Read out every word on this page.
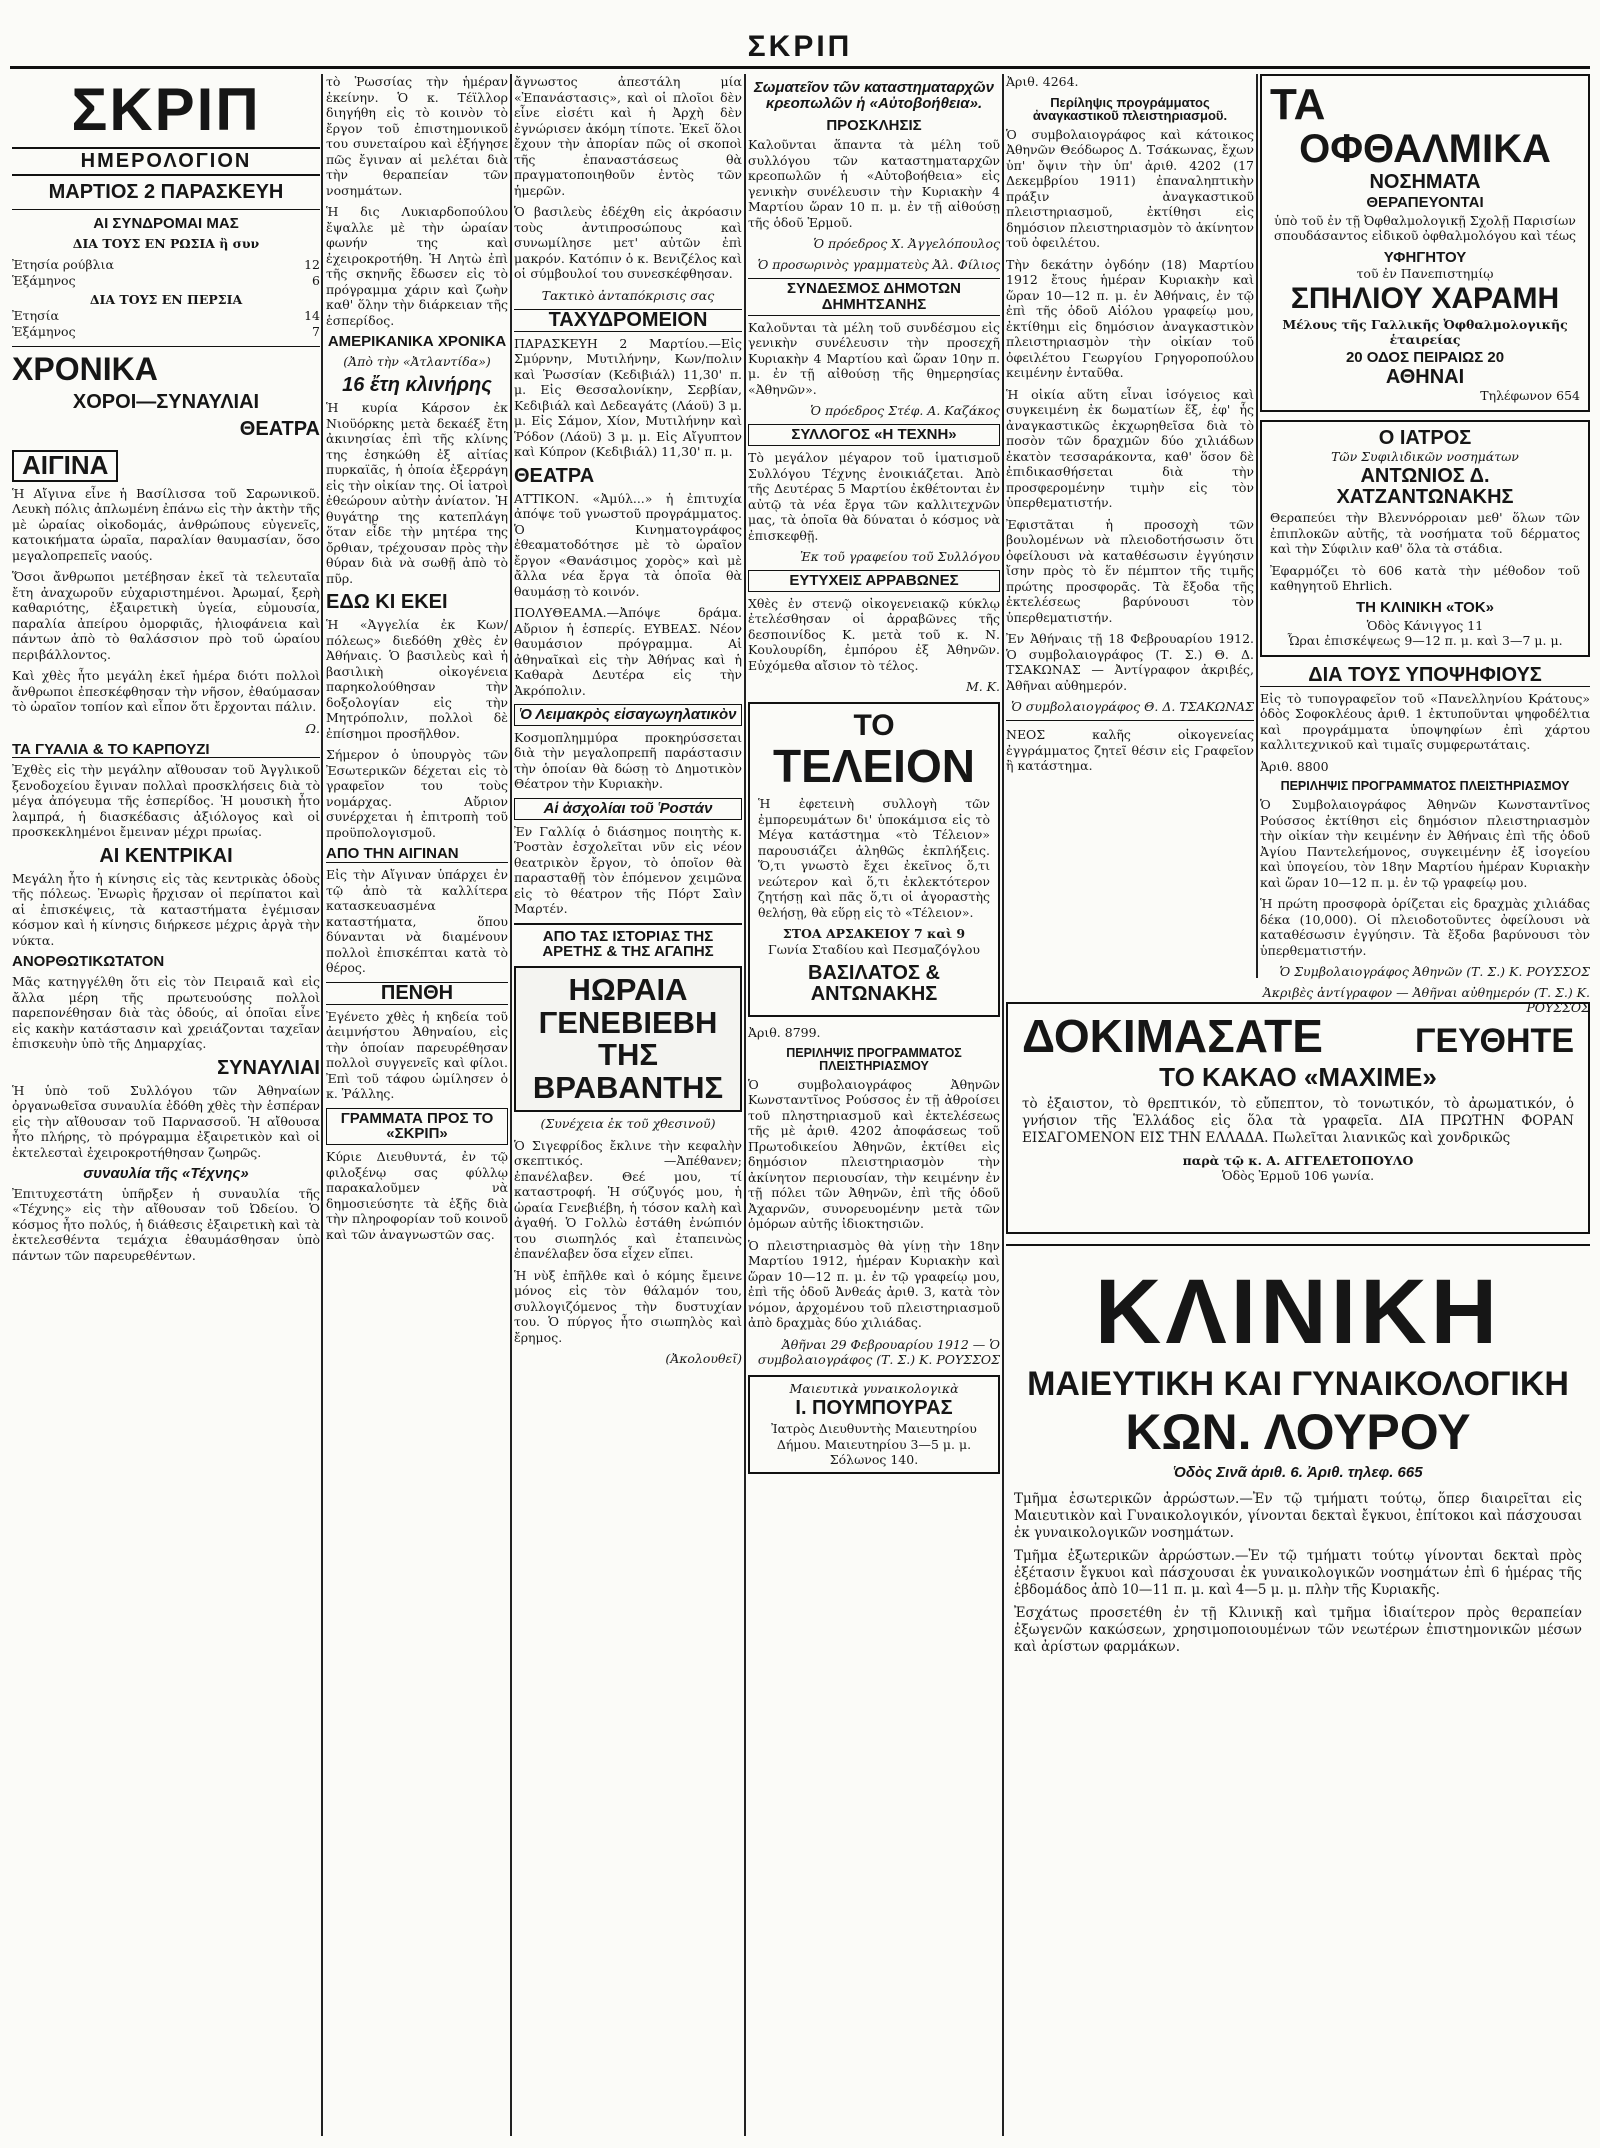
ΣΚΡΙΠ
ΣΚΡΙΠ
ΗΜΕΡΟΛΟΓΙΟΝ
ΜΑΡΤΙΟΣ 2 ΠΑΡΑΣΚΕΥΗ
ΑΙ ΣΥΝΔΡΟΜΑΙ ΜΑΣ
ΔΙΑ ΤΟΥΣ ΕΝ ΡΩΣΙΑ ἢ συν
Ἐτησία ρούβλια	12
Ἑξάμηνος	6
ΔΙΑ ΤΟΥΣ ΕΝ ΠΕΡΣΙΑ
Ἐτησία	14
Ἑξάμηνος	7
ΧΡΟΝΙΚΑ
ΧΟΡΟΙ—ΣΥΝΑΥΛΙΑΙ
ΘΕΑΤΡΑ
ΑΙΓΙΝΑ

Ἡ Αἴγινα εἶνε ἡ Βασίλισσα τοῦ Σαρωνικοῦ. Λευκὴ πόλις ἀπλωμένη ἐπάνω εἰς τὴν ἀκτὴν τῆς μὲ ὡραίας οἰκοδομάς, ἀνθρώπους εὐγενεῖς, κατοικήματα ὡραῖα, παραλίαν θαυμασίαν, ὅσο μεγαλοπρεπεῖς ναούς.

Ὅσοι ἄνθρωποι μετέβησαν ἐκεῖ τὰ τελευταῖα ἔτη ἀναχωροῦν εὐχαριστημένοι. Ἀρωμαί, ξερὴ καθαριότης, ἐξαιρετικὴ ὑγεία, εὐμουσία, παραλία ἀπείρου ὀμορφιᾶς, ἡλιοφάνεια καὶ πάντων ἀπὸ τὸ θαλάσσιον πρὸ τοῦ ὡραίου περιβάλλοντος.

Καὶ χθὲς ἦτο μεγάλη ἐκεῖ ἡμέρα διότι πολλοὶ ἄνθρωποι ἐπεσκέφθησαν τὴν νῆσον, ἐθαύμασαν τὸ ὡραῖον τοπίον καὶ εἶπον ὅτι ἔρχονται πάλιν.

Ω.
ΤΑ ΓΥΑΛΙΑ & ΤΟ ΚΑΡΠΟΥΖΙ

Ἐχθὲς εἰς τὴν μεγάλην αἴθουσαν τοῦ Ἀγγλικοῦ ξενοδοχείου ἔγιναν πολλαὶ προσκλήσεις διὰ τὸ μέγα ἀπόγευμα τῆς ἑσπερίδος. Ἡ μουσικὴ ἦτο λαμπρά, ἡ διασκέδασις ἀξιόλογος καὶ οἱ προσκεκλημένοι ἔμειναν μέχρι πρωίας.

ΑΙ ΚΕΝΤΡΙΚΑΙ

Μεγάλη ἦτο ἡ κίνησις εἰς τὰς κεντρικὰς ὁδοὺς τῆς πόλεως. Ἐνωρὶς ἤρχισαν οἱ περίπατοι καὶ αἱ ἐπισκέψεις, τὰ καταστήματα ἐγέμισαν κόσμον καὶ ἡ κίνησις διήρκεσε μέχρις ἀργὰ τὴν νύκτα.

ΑΝΟΡΘΩΤΙΚΩΤΑΤΟΝ

Μᾶς κατηγγέλθη ὅτι εἰς τὸν Πειραιᾶ καὶ εἰς ἄλλα μέρη τῆς πρωτευούσης πολλοὶ παρεπονέθησαν διὰ τὰς ὁδούς, αἱ ὁποῖαι εἶνε εἰς κακὴν κατάστασιν καὶ χρειάζονται ταχεῖαν ἐπισκευὴν ὑπὸ τῆς Δημαρχίας.

ΣΥΝΑΥΛΙΑΙ

Ἡ ὑπὸ τοῦ Συλλόγου τῶν Ἀθηναίων ὀργανωθεῖσα συναυλία ἐδόθη χθὲς τὴν ἑσπέραν εἰς τὴν αἴθουσαν τοῦ Παρνασσοῦ. Ἡ αἴθουσα ἦτο πλήρης, τὸ πρόγραμμα ἐξαιρετικὸν καὶ οἱ ἐκτελεσταὶ ἐχειροκροτήθησαν ζωηρῶς.

συναυλία τῆς «Τέχνης»

Ἐπιτυχεστάτη ὑπῆρξεν ἡ συναυλία τῆς «Τέχνης» εἰς τὴν αἴθουσαν τοῦ Ὠδείου. Ὁ κόσμος ἦτο πολύς, ἡ διάθεσις ἐξαιρετικὴ καὶ τὰ ἐκτελεσθέντα τεμάχια ἐθαυμάσθησαν ὑπὸ πάντων τῶν παρευρεθέντων.

τὸ Ῥωσσίας τὴν ἡμέραν ἐκείνην. Ὁ κ. Τέϊλλορ διηγήθη εἰς τὸ κοινὸν τὸ ἔργον τοῦ ἐπιστημονικοῦ του συνεταίρου καὶ ἐξήγησε πῶς ἔγιναν αἱ μελέται διὰ τὴν θεραπείαν τῶν νοσημάτων.

Ἡ δις Λυκιαρδοπούλου ἔψαλλε μὲ τὴν ὡραίαν φωνήν της καὶ ἐχειροκροτήθη. Ἡ Λητὼ ἐπὶ τῆς σκηνῆς ἔδωσεν εἰς τὸ πρόγραμμα χάριν καὶ ζωὴν καθ' ὅλην τὴν διάρκειαν τῆς ἑσπερίδος.

ΑΜΕΡΙΚΑΝΙΚΑ ΧΡΟΝΙΚΑ
(Ἀπὸ τὴν «Ἀτλαντίδα»)
16 ἔτη κλινήρης

Ἡ κυρία Κάρσον ἐκ Νιοϋόρκης μετὰ δεκαέξ ἔτη ἀκινησίας ἐπὶ τῆς κλίνης της ἐσηκώθη ἐξ αἰτίας πυρκαϊᾶς, ἡ ὁποία ἐξερράγη εἰς τὴν οἰκίαν της. Οἱ ἰατροὶ ἐθεώρουν αὐτὴν ἀνίατον. Ἡ θυγάτηρ της κατεπλάγη ὅταν εἶδε τὴν μητέρα της ὄρθιαν, τρέχουσαν πρὸς τὴν θύραν διὰ νὰ σωθῇ ἀπὸ τὸ πῦρ.

ΕΔΩ ΚΙ ΕΚΕΙ

Ἡ «Ἀγγελία ἐκ Κων/πόλεως» διεδόθη χθὲς ἐν Ἀθήναις. Ὁ βασιλεὺς καὶ ἡ βασιλικὴ οἰκογένεια παρηκολούθησαν τὴν δοξολογίαν εἰς τὴν Μητρόπολιν, πολλοὶ δὲ ἐπίσημοι προσῆλθον.

Σήμερον ὁ ὑπουργὸς τῶν Ἐσωτερικῶν δέχεται εἰς τὸ γραφεῖον του τοὺς νομάρχας. Αὔριον συνέρχεται ἡ ἐπιτροπὴ τοῦ προϋπολογισμοῦ.

ΑΠΟ ΤΗΝ ΑΙΓΙΝΑΝ

Εἰς τὴν Αἴγιναν ὑπάρχει ἐν τῷ ἀπὸ τὰ καλλίτερα κατασκευασμένα καταστήματα, ὅπου δύνανται νὰ διαμένουν πολλοὶ ἐπισκέπται κατὰ τὸ θέρος.

ΠΕΝΘΗ

Ἐγένετο χθὲς ἡ κηδεία τοῦ ἀειμνήστου Ἀθηναίου, εἰς τὴν ὁποίαν παρευρέθησαν πολλοὶ συγγενεῖς καὶ φίλοι. Ἐπὶ τοῦ τάφου ὡμίλησεν ὁ κ. Ῥάλλης.

ΓΡΑΜΜΑΤΑ ΠΡΟΣ ΤΟ «ΣΚΡΙΠ»

Κύριε Διευθυντά, ἐν τῷ φιλοξένῳ σας φύλλῳ παρακαλοῦμεν νὰ δημοσιεύσητε τὰ ἑξῆς διὰ τὴν πληροφορίαν τοῦ κοινοῦ καὶ τῶν ἀναγνωστῶν σας.

ἄγνωστος ἀπεστάλη μία «Ἐπανάστασις», καὶ οἱ πλοῖοι δὲν εἶνε εἰσέτι καὶ ἡ Ἀρχὴ δὲν ἐγνώρισεν ἀκόμη τίποτε. Ἐκεῖ ὅλοι ἔχουν τὴν ἀπορίαν πῶς οἱ σκοποὶ τῆς ἐπαναστάσεως θὰ πραγματοποιηθοῦν ἐντὸς τῶν ἡμερῶν.

Ὁ βασιλεὺς ἐδέχθη εἰς ἀκρόασιν τοὺς ἀντιπροσώπους καὶ συνωμίλησε μετ' αὐτῶν ἐπὶ μακρόν. Κατόπιν ὁ κ. Βενιζέλος καὶ οἱ σύμβουλοί του συνεσκέφθησαν.

Τακτικὸ ἀνταπόκρισις σας
ΤΑΧΥΔΡΟΜΕΙΟΝ

ΠΑΡΑΣΚΕΥΗ 2 Μαρτίου.—Εἰς Σμύρνην, Μυτιλήνην, Κων/πολιν καὶ Ῥωσσίαν (Κεδιβιάλ) 11,30' π. μ. Εἰς Θεσσαλονίκην, Σερβίαν, Κεδιβιάλ καὶ Δεδεαγάτς (Λάοϋ) 3 μ. μ. Εἰς Σάμον, Χίον, Μυτιλήνην καὶ Ῥόδον (Λάοϋ) 3 μ. μ. Εἰς Αἴγυπτον καὶ Κύπρον (Κεδιβιάλ) 11,30' π. μ.

ΘΕΑΤΡΑ

ΑΤΤΙΚΟΝ. «Ἀμύλ...» ἡ ἐπιτυχία ἀπόψε τοῦ γνωστοῦ προγράμματος. Ὁ Κινηματογράφος ἐθεαματοδότησε μὲ τὸ ὡραῖον ἔργον «Θανάσιμος χορὸς» καὶ μὲ ἄλλα νέα ἔργα τὰ ὁποῖα θὰ θαυμάσῃ τὸ κοινόν.

ΠΟΛΥΘΕΑΜΑ.—Ἀπόψε δράμα. Αὔριον ἡ ἑσπερίς. ΕΥΒΕΑΣ. Νέον θαυμάσιον πρόγραμμα. Αἱ ἀθηναῖκαὶ εἰς τὴν Ἀθήνας καὶ ἡ Καθαρὰ Δευτέρα εἰς τὴν Ἀκρόπολιν.

Ὁ Λειμακρὸς εἰσαγωγηλατικὸν

Κοσμοπλημμύρα προκηρύσσεται διὰ τὴν μεγαλοπρεπῆ παράστασιν τὴν ὁποίαν θὰ δώσῃ τὸ Δημοτικὸν Θέατρον τὴν Κυριακὴν.

Αἱ ἀσχολίαι τοῦ Ῥοστάν

Ἐν Γαλλίᾳ ὁ διάσημος ποιητὴς κ. Ῥοστὰν ἐσχολεῖται νῦν εἰς νέον θεατρικὸν ἔργον, τὸ ὁποῖον θὰ παρασταθῇ τὸν ἑπόμενον χειμῶνα εἰς τὸ θέατρον τῆς Πόρτ Σαὶν Μαρτέν.

ΑΠΟ ΤΑΣ ΙΣΤΟΡΙΑΣ ΤΗΣ ΑΡΕΤΗΣ & ΤΗΣ ΑΓΑΠΗΣ
ΗΩΡΑΙΑ ΓΕΝΕΒΙΕΒΗ ΤΗΣ ΒΡΑΒΑΝΤΗΣ
(Συνέχεια ἐκ τοῦ χθεσινοῦ)

Ὁ Σιγεφρίδος ἔκλινε τὴν κεφαλὴν σκεπτικός. —Ἀπέθανεν; ἐπανέλαβεν. Θεέ μου, τί καταστροφή. Ἡ σύζυγός μου, ἡ ὡραία Γενεβιέβη, ἡ τόσον καλὴ καὶ ἀγαθή. Ὁ Γολλὼ ἐστάθη ἐνώπιόν του σιωπηλός καὶ ἐταπεινὼς ἐπανέλαβεν ὅσα εἶχεν εἴπει.

Ἡ νὺξ ἐπῆλθε καὶ ὁ κόμης ἔμεινε μόνος εἰς τὸν θάλαμόν του, συλλογιζόμενος τὴν δυστυχίαν του. Ὁ πύργος ἦτο σιωπηλὸς καὶ ἔρημος.

(Ἀκολουθεῖ)
Σωματεῖον τῶν καταστηματαρχῶν κρεοπωλῶν ἡ «Αὐτοβοήθεια».
ΠΡΟΣΚΛΗΣΙΣ

Καλοῦνται ἅπαντα τὰ μέλη τοῦ συλλόγου τῶν καταστηματαρχῶν κρεοπωλῶν ἡ «Αὐτοβοήθεια» εἰς γενικὴν συνέλευσιν τὴν Κυριακὴν 4 Μαρτίου ὥραν 10 π. μ. ἐν τῇ αἰθούσῃ τῆς ὁδοῦ Ἑρμοῦ.

Ὁ πρόεδρος Χ. Ἀγγελόπουλος
Ὁ προσωρινὸς γραμματεὺς Ἀλ. Φίλιος
ΣΥΝΔΕΣΜΟΣ ΔΗΜΟΤΩΝ ΔΗΜΗΤΣΑΝΗΣ

Καλοῦνται τὰ μέλη τοῦ συνδέσμου εἰς γενικὴν συνέλευσιν τὴν προσεχῆ Κυριακὴν 4 Μαρτίου καὶ ὥραν 10ην π. μ. ἐν τῇ αἰθούσῃ τῆς θημερησίας «Ἀθηνῶν».

Ὁ πρόεδρος Στέφ. Α. Καζάκος
ΣΥΛΛΟΓΟΣ «Η ΤΕΧΝΗ»

Τὸ μεγάλον μέγαρον τοῦ ἱματισμοῦ Συλλόγου Τέχνης ἐνοικιάζεται. Ἀπὸ τῆς Δευτέρας 5 Μαρτίου ἐκθέτονται ἐν αὐτῷ τὰ νέα ἔργα τῶν καλλιτεχνῶν μας, τὰ ὁποῖα θὰ δύναται ὁ κόσμος νὰ ἐπισκεφθῇ.

Ἐκ τοῦ γραφείου τοῦ Συλλόγου
ΕΥΤΥΧΕΙΣ ΑΡΡΑΒΩΝΕΣ

Χθὲς ἐν στενῷ οἰκογενειακῷ κύκλῳ ἐτελέσθησαν οἱ ἀρραβῶνες τῆς δεσποινίδος Κ. μετὰ τοῦ κ. Ν. Κουλουρίδη, ἐμπόρου ἐξ Ἀθηνῶν. Εὐχόμεθα αἴσιον τὸ τέλος.

Μ. Κ.
ΤΟ
ΤΕΛΕΙΟΝ

Ἡ ἐφετεινὴ συλλογὴ τῶν ἐμπορευμάτων δι' ὑποκάμισα εἰς τὸ Μέγα κατάστημα «τὸ Τέλειον» παρουσιάζει ἀληθῶς ἐκπλήξεις. Ὅ,τι γνωστὸ ἔχει ἐκεῖνος ὅ,τι νεώτερον καὶ ὅ,τι ἐκλεκτότερον ζητήσῃ καὶ πᾶς ὅ,τι οἱ ἀγοραστὴς θελήσῃ, θὰ εὕρῃ εἰς τὸ «Τέλειον».

ΣΤΟΑ ΑΡΣΑΚΕΙΟΥ 7 καὶ 9
Γωνία Σταδίου καὶ Πεσμαζόγλου
ΒΑΣΙΛΑΤΟΣ & ΑΝΤΩΝΑΚΗΣ
Ἀριθ. 8799.
ΠΕΡΙΛΗΨΙΣ ΠΡΟΓΡΑΜΜΑΤΟΣ ΠΛΕΙΣΤΗΡΙΑΣΜΟΥ

Ὁ συμβολαιογράφος Ἀθηνῶν Κωνσταντῖνος Ρούσσος ἐν τῇ ἀθροίσει τοῦ πληστηριασμοῦ καὶ ἐκτελέσεως τῆς μὲ ἀριθ. 4202 ἀποφάσεως τοῦ Πρωτοδικείου Ἀθηνῶν, ἐκτίθει εἰς δημόσιον πλειστηριασμὸν τὴν ἀκίνητον περιουσίαν, τὴν κειμένην ἐν τῇ πόλει τῶν Ἀθηνῶν, ἐπὶ τῆς ὁδοῦ Ἀχαρνῶν, συνορευομένην μετὰ τῶν ὁμόρων αὐτῆς ἰδιοκτησιῶν.

Ὁ πλειστηριασμὸς θὰ γίνῃ τὴν 18ην Μαρτίου 1912, ἡμέραν Κυριακὴν καὶ ὥραν 10—12 π. μ. ἐν τῷ γραφείῳ μου, ἐπὶ τῆς ὁδοῦ Ἀνθεάς ἀριθ. 3, κατὰ τὸν νόμον, ἀρχομένου τοῦ πλειστηριασμοῦ ἀπὸ δραχμὰς δύο χιλιάδας.

Ἀθῆναι 29 Φεβρουαρίου 1912 — Ὁ συμβολαιογράφος (Τ. Σ.) Κ. ΡΟΥΣΣΟΣ
Μαιευτικὰ γυναικολογικὰ
Ι. ΠΟΥΜΠΟΥΡΑΣ
Ἰατρὸς Διευθυντὴς Μαιευτηρίου Δήμου. Μαιευτηρίου 3—5 μ. μ. Σόλωνος 140.
Ἀριθ. 4264.
Περίληψις προγράμματος ἀναγκαστικοῦ πλειστηριασμοῦ.

Ὁ συμβολαιογράφος καὶ κάτοικος Ἀθηνῶν Θεόδωρος Δ. Τσάκωνας, ἔχων ὑπ' ὄψιν τὴν ὑπ' ἀριθ. 4202 (17 Δεκεμβρίου 1911) ἐπαναληπτικὴν πράξιν ἀναγκαστικοῦ πλειστηριασμοῦ, ἐκτίθησι εἰς δημόσιον πλειστηριασμὸν τὸ ἀκίνητον τοῦ ὀφειλέτου.

Τὴν δεκάτην ὀγδόην (18) Μαρτίου 1912 ἔτους ἡμέραν Κυριακὴν καὶ ὥραν 10—12 π. μ. ἐν Ἀθήναις, ἐν τῷ ἐπὶ τῆς ὁδοῦ Αἰόλου γραφείῳ μου, ἐκτίθημι εἰς δημόσιον ἀναγκαστικὸν πλειστηριασμὸν τὴν οἰκίαν τοῦ ὀφειλέτου Γεωργίου Γρηγοροπούλου κειμένην ἐνταῦθα.

Ἡ οἰκία αὕτη εἶναι ἰσόγειος καὶ συγκειμένη ἐκ δωματίων ἕξ, ἐφ' ἧς ἀναγκαστικῶς ἐκχωρηθεῖσα διὰ τὸ ποσὸν τῶν δραχμῶν δύο χιλιάδων ἐκατὸν τεσσαράκοντα, καθ' ὅσον δὲ ἐπιδικασθήσεται διὰ τὴν προσφερομένην τιμὴν εἰς τὸν ὑπερθεματιστήν.

Ἐφιστᾶται ἡ προσοχὴ τῶν βουλομένων νὰ πλειοδοτήσωσιν ὅτι ὀφείλουσι νὰ καταθέσωσιν ἐγγύησιν ἴσην πρὸς τὸ ἕν πέμπτον τῆς τιμῆς πρώτης προσφορᾶς. Τὰ ἔξοδα τῆς ἐκτελέσεως βαρύνουσι τὸν ὑπερθεματιστήν.

Ἐν Ἀθήναις τῇ 18 Φεβρουαρίου 1912. Ὁ συμβολαιογράφος (Τ. Σ.) Θ. Δ. ΤΣΑΚΩΝΑΣ — Ἀντίγραφον ἀκριβές, Ἀθῆναι αὐθημερόν.

Ὁ συμβολαιογράφος Θ. Δ. ΤΣΑΚΩΝΑΣ

ΝΕΟΣ καλῆς οἰκογενείας ἐγγράμματος ζητεῖ θέσιν εἰς Γραφεῖον ἢ κατάστημα.

ΤΑ
ΟΦΘΑΛΜΙΚΑ
ΝΟΣΗΜΑΤΑ
ΘΕΡΑΠΕΥΟΝΤΑΙ

ὑπὸ τοῦ ἐν τῇ Ὀφθαλμολογικῇ Σχολῇ Παρισίων σπουδάσαντος εἰδικοῦ ὀφθαλμολόγου καὶ τέως

ΥΦΗΓΗΤΟΥ
τοῦ ἐν Πανεπιστημίῳ
ΣΠΗΛΙΟΥ ΧΑΡΑΜΗ
Μέλους τῆς Γαλλικῆς Ὀφθαλμολογικῆς ἑταιρείας
20 ΟΔΟΣ ΠΕΙΡΑΙΩΣ 20
ΑΘΗΝΑΙ
Τηλέφωνον 654
Ο ΙΑΤΡΟΣ
Τῶν Συφιλιδικῶν νοσημάτων
ΑΝΤΩΝΙΟΣ Δ. ΧΑΤΖΑΝΤΩΝΑΚΗΣ

Θεραπεύει τὴν Βλεννόρροιαν μεθ' ὅλων τῶν ἐπιπλοκῶν αὐτῆς, τὰ νοσήματα τοῦ δέρματος καὶ τὴν Σύφιλιν καθ' ὅλα τὰ στάδια.

Ἐφαρμόζει τὸ 606 κατὰ τὴν μέθοδον τοῦ καθηγητοῦ Ehrlich.

ΤΗ ΚΛΙΝΙΚΗ «ΤΟΚ»
Ὁδὸς Κάνιγγος 11
Ὧραι ἐπισκέψεως 9—12 π. μ. καὶ 3—7 μ. μ.
ΔΙΑ ΤΟΥΣ ΥΠΟΨΗΦΙΟΥΣ

Εἰς τὸ τυπογραφεῖον τοῦ «Πανελληνίου Κράτους» ὁδὸς Σοφοκλέους ἀριθ. 1 ἐκτυποῦνται ψηφοδέλτια καὶ προγράμματα ὑποψηφίων ἐπὶ χάρτου καλλιτεχνικοῦ καὶ τιμαῖς συμφερωτάταις.

Ἀριθ. 8800
ΠΕΡΙΛΗΨΙΣ ΠΡΟΓΡΑΜΜΑΤΟΣ ΠΛΕΙΣΤΗΡΙΑΣΜΟΥ

Ὁ Συμβολαιογράφος Ἀθηνῶν Κωνσταντῖνος Ρούσσος ἐκτίθησι εἰς δημόσιον πλειστηριασμὸν τὴν οἰκίαν τὴν κειμένην ἐν Ἀθήναις ἐπὶ τῆς ὁδοῦ Ἀγίου Παντελεήμονος, συγκειμένην ἐξ ἰσογείου καὶ ὑπογείου, τὸν 18ην Μαρτίου ἡμέραν Κυριακὴν καὶ ὥραν 10—12 π. μ. ἐν τῷ γραφείῳ μου.

Ἡ πρώτη προσφορὰ ὁρίζεται εἰς δραχμὰς χιλιάδας δέκα (10,000). Οἱ πλειοδοτοῦντες ὀφείλουσι νὰ καταθέσωσιν ἐγγύησιν. Τὰ ἔξοδα βαρύνουσι τὸν ὑπερθεματιστήν.

Ὁ Συμβολαιογράφος Ἀθηνῶν (Τ. Σ.) Κ. ΡΟΥΣΣΟΣ
Ἀκριβὲς ἀντίγραφον — Ἀθῆναι αὐθημερόν (Τ. Σ.) Κ. ΡΟΥΣΣΟΣ
ΔΟΚΙΜΑΣΑΤΕ	ΓΕΥΘΗΤΕ
ΤΟ ΚΑΚΑΟ «ΜΑΧΙΜΕ»

τὸ ἐξαιστον, τὸ θρεπτικόν, τὸ εὔπεπτον, τὸ τονωτικόν, τὸ ἀρωματικόν, ὁ γνήσιον τῆς Ἑλλάδος εἰς ὅλα τὰ γραφεῖα. ΔΙΑ ΠΡΩΤΗΝ ΦΟΡΑΝ ΕΙΣΑΓΟΜΕΝΟΝ ΕΙΣ ΤΗΝ ΕΛΛΑΔΑ. Πωλεῖται λιανικῶς καὶ χονδρικῶς

παρὰ τῷ κ. Α. ΑΓΓΕΛΕΤΟΠΟΥΛΟ
Ὁδὸς Ἑρμοῦ 106 γωνία.
ΚΛΙΝΙΚΗ
ΜΑΙΕΥΤΙΚΗ ΚΑΙ ΓΥΝΑΙΚΟΛΟΓΙΚΗ
ΚΩΝ. ΛΟΥΡΟΥ
Ὁδὸς Σινᾶ ἀριθ. 6. Ἀριθ. τηλεφ. 665

Τμῆμα ἐσωτερικῶν ἀρρώστων.—Ἐν τῷ τμήματι τούτῳ, ὅπερ διαιρεῖται εἰς Μαιευτικὸν καὶ Γυναικολογικόν, γίνονται δεκταὶ ἔγκυοι, ἐπίτοκοι καὶ πάσχουσαι ἐκ γυναικολογικῶν νοσημάτων.

Τμῆμα ἐξωτερικῶν ἀρρώστων.—Ἐν τῷ τμήματι τούτῳ γίνονται δεκταὶ πρὸς ἐξέτασιν ἔγκυοι καὶ πάσχουσαι ἐκ γυναικολογικῶν νοσημάτων ἐπὶ 6 ἡμέρας τῆς ἑβδομάδος ἀπὸ 10—11 π. μ. καὶ 4—5 μ. μ. πλὴν τῆς Κυριακῆς.

Ἐσχάτως προσετέθη ἐν τῇ Κλινικῇ καὶ τμῆμα ἰδιαίτερον πρὸς θεραπείαν ἐξωγενῶν κακώσεων, χρησιμοποιουμένων τῶν νεωτέρων ἐπιστημονικῶν μέσων καὶ ἀρίστων φαρμάκων.
